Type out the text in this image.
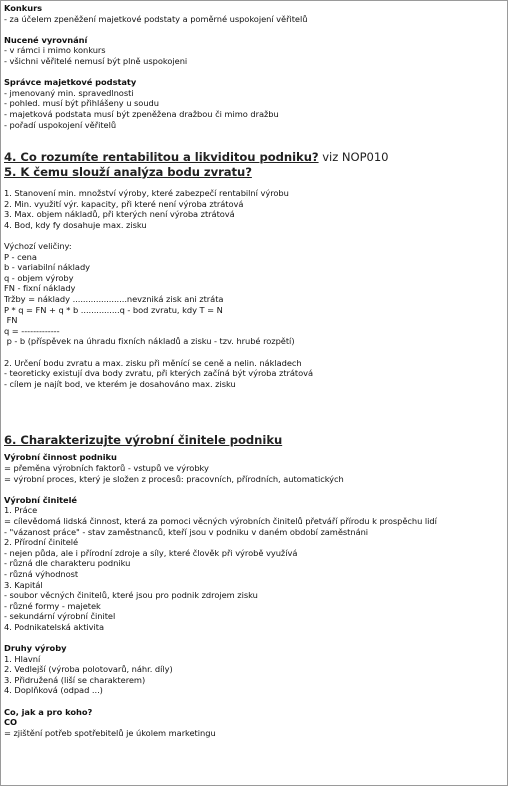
Konkurs
- za účelem zpeněžení majetkové podstaty a poměrné uspokojení věřitelů
Nucené vyrovnání
- v rámci i mimo konkurs
- všichni věřitelé nemusí být plně uspokojeni
Správce majetkové podstaty
- jmenovaný min. spravedlnosti
- pohled. musí být přihlášeny u soudu
- majetková podstata musí být zpeněžena dražbou či mimo dražbu
- pořadí uspokojení věřitelů
4. Co rozumíte rentabilitou a likviditou podniku? viz NOP010
5. K čemu slouží analýza bodu zvratu?
1. Stanovení min. množství výroby, které zabezpečí rentabilní výrobu
2. Min. využití výr. kapacity, při které není výroba ztrátová
3. Max. objem nákladů, při kterých není výroba ztrátová
4. Bod, kdy fy dosahuje max. zisku
Výchozí veličiny:
P - cena
b - variabilní náklady
q - objem výroby
FN - fixní náklady
Tržby = náklady .....................nevzniká zisk ani ztráta
P * q = FN + q * b ...............q - bod zvratu, kdy T = N
FN
q = -------------
p - b (příspěvek na úhradu fixních nákladů a zisku - tzv. hrubé rozpětí)
2. Určení bodu zvratu a max. zisku při měnící se ceně a nelin. nákladech
- teoreticky existují dva body zvratu, při kterých začíná být výroba ztrátová
- cílem je najít bod, ve kterém je dosahováno max. zisku
6. Charakterizujte výrobní činitele podniku
Výrobní činnost podniku
= přeměna výrobních faktorů - vstupů ve výrobky
= výrobní proces, který je složen z procesů: pracovních, přírodních, automatických
Výrobní činitelé
1. Práce
= cílevědomá lidská činnost, která za pomoci věcných výrobních činitelů přetváří přírodu k prospěchu lidí
- "vázanost práce" - stav zaměstnanců, kteří jsou v podniku v daném období zaměstnáni
2. Přírodní činitelé
- nejen půda, ale i přírodní zdroje a síly, které člověk při výrobě využívá
- různá dle charakteru podniku
- různá výhodnost
3. Kapitál
- soubor věcných činitelů, které jsou pro podnik zdrojem zisku
- různé formy - majetek
- sekundární výrobní činitel
4. Podnikatelská aktivita
Druhy výroby
1. Hlavní
2. Vedlejší (výroba polotovarů, náhr. díly)
3. Přidružená (liší se charakterem)
4. Doplňková (odpad ...)
Co, jak a pro koho?
CO
= zjištění potřeb spotřebitelů je úkolem marketingu
